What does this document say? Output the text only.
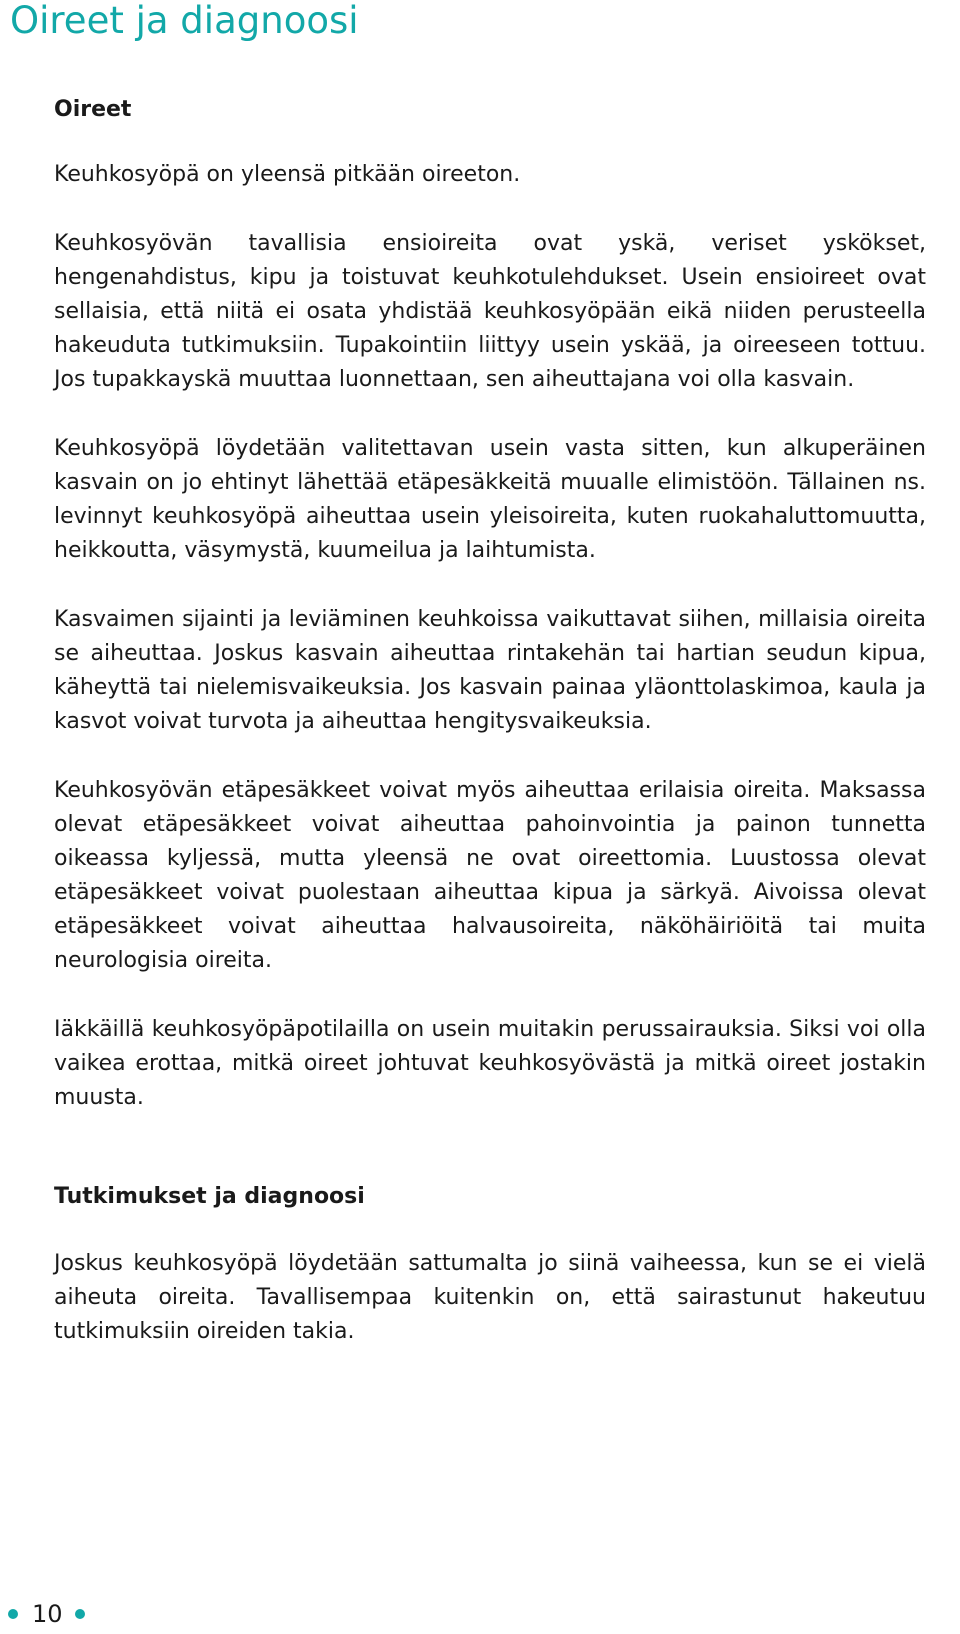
Oireet ja diagnoosi
Oireet

Keuhkosyöpä on yleensä pitkään oireeton.

Keuhkosyövän tavallisia ensioireita ovat yskä, veriset yskökset, hengenahdistus, kipu ja toistuvat keuhkotulehdukset. Usein ensioireet ovat sellaisia, että niitä ei osata yhdistää keuhkosyöpään eikä niiden perusteella hakeuduta tutkimuksiin. Tupakointiin liittyy usein yskää, ja oireeseen tottuu. Jos tupakkayskä muuttaa luonnettaan, sen aiheuttajana voi olla kasvain.

Keuhkosyöpä löydetään valitettavan usein vasta sitten, kun alkuperäinen kasvain on jo ehtinyt lähettää etäpesäkkeitä muualle elimistöön. Tällainen ns. levinnyt keuhkosyöpä aiheuttaa usein yleisoireita, kuten ruokahaluttomuutta, heikkoutta, väsymystä, kuumeilua ja laihtumista.

Kasvaimen sijainti ja leviäminen keuhkoissa vaikuttavat siihen, millaisia oireita se aiheuttaa. Joskus kasvain aiheuttaa rintakehän tai hartian seudun kipua, käheyttä tai nielemisvaikeuksia. Jos kasvain painaa yläonttolaskimoa, kaula ja kasvot voivat turvota ja aiheuttaa hengitysvaikeuksia.

Keuhkosyövän etäpesäkkeet voivat myös aiheuttaa erilaisia oireita. Maksassa olevat etäpesäkkeet voivat aiheuttaa pahoinvointia ja painon tunnetta oikeassa kyljessä, mutta yleensä ne ovat oireettomia. Luustossa olevat etäpesäkkeet voivat puolestaan aiheuttaa kipua ja särkyä. Aivoissa olevat etäpesäkkeet voivat aiheuttaa halvausoireita, näköhäiriöitä tai muita neurologisia oireita.

Iäkkäillä keuhkosyöpäpotilailla on usein muitakin perussairauksia. Siksi voi olla vaikea erottaa, mitkä oireet johtuvat keuhkosyövästä ja mitkä oireet jostakin muusta.

Tutkimukset ja diagnoosi

Joskus keuhkosyöpä löydetään sattumalta jo siinä vaiheessa, kun se ei vielä aiheuta oireita. Tavallisempaa kuitenkin on, että sairastunut hakeutuu tutkimuksiin oireiden takia.

10
